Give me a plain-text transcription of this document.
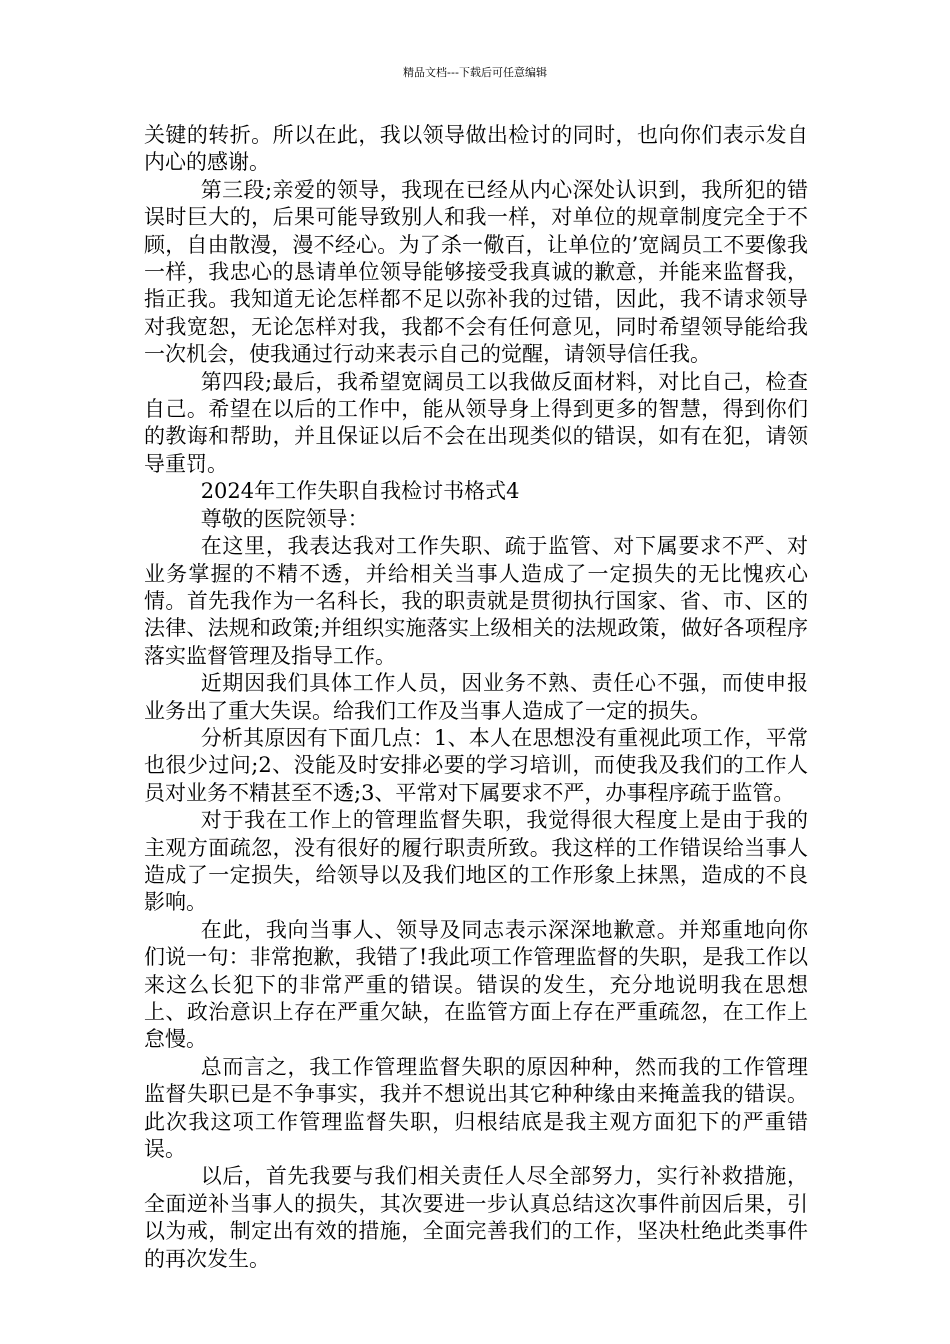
精品文档---下载后可任意编辑

关键的转折。所以在此，我以领导做出检讨的同时，也向你们表示发自内心的感谢。

第三段;亲爱的领导，我现在已经从内心深处认识到，我所犯的错误时巨大的，后果可能导致别人和我一样，对单位的规章制度完全于不顾，自由散漫，漫不经心。为了杀一儆百，让单位的’宽阔员工不要像我一样，我忠心的恳请单位领导能够接受我真诚的歉意，并能来监督我，指正我。我知道无论怎样都不足以弥补我的过错，因此，我不请求领导对我宽恕，无论怎样对我，我都不会有任何意见，同时希望领导能给我一次机会，使我通过行动来表示自己的觉醒，请领导信任我。

第四段;最后，我希望宽阔员工以我做反面材料，对比自己，检查自己。希望在以后的工作中，能从领导身上得到更多的智慧，得到你们的教诲和帮助，并且保证以后不会在出现类似的错误，如有在犯，请领导重罚。

2024年工作失职自我检讨书格式4

尊敬的医院领导：

在这里，我表达我对工作失职、疏于监管、对下属要求不严、对业务掌握的不精不透，并给相关当事人造成了一定损失的无比愧疚心情。首先我作为一名科长，我的职责就是贯彻执行国家、省、市、区的法律、法规和政策;并组织实施落实上级相关的法规政策，做好各项程序落实监督管理及指导工作。

近期因我们具体工作人员，因业务不熟、责任心不强，而使申报业务出了重大失误。给我们工作及当事人造成了一定的损失。

分析其原因有下面几点：1、本人在思想没有重视此项工作，平常也很少过问;2、没能及时安排必要的学习培训，而使我及我们的工作人员对业务不精甚至不透;3、平常对下属要求不严，办事程序疏于监管。

对于我在工作上的管理监督失职，我觉得很大程度上是由于我的主观方面疏忽，没有很好的履行职责所致。我这样的工作错误给当事人造成了一定损失，给领导以及我们地区的工作形象上抹黑，造成的不良影响。

在此，我向当事人、领导及同志表示深深地歉意。并郑重地向你们说一句：非常抱歉，我错了!我此项工作管理监督的失职，是我工作以来这么长犯下的非常严重的错误。错误的发生，充分地说明我在思想上、政治意识上存在严重欠缺，在监管方面上存在严重疏忽，在工作上怠慢。

总而言之，我工作管理监督失职的原因种种，然而我的工作管理监督失职已是不争事实，我并不想说出其它种种缘由来掩盖我的错误。此次我这项工作管理监督失职，归根结底是我主观方面犯下的严重错误。

以后，首先我要与我们相关责任人尽全部努力，实行补救措施，全面逆补当事人的损失，其次要进一步认真总结这次事件前因后果，引以为戒，制定出有效的措施，全面完善我们的工作，坚决杜绝此类事件的再次发生。
